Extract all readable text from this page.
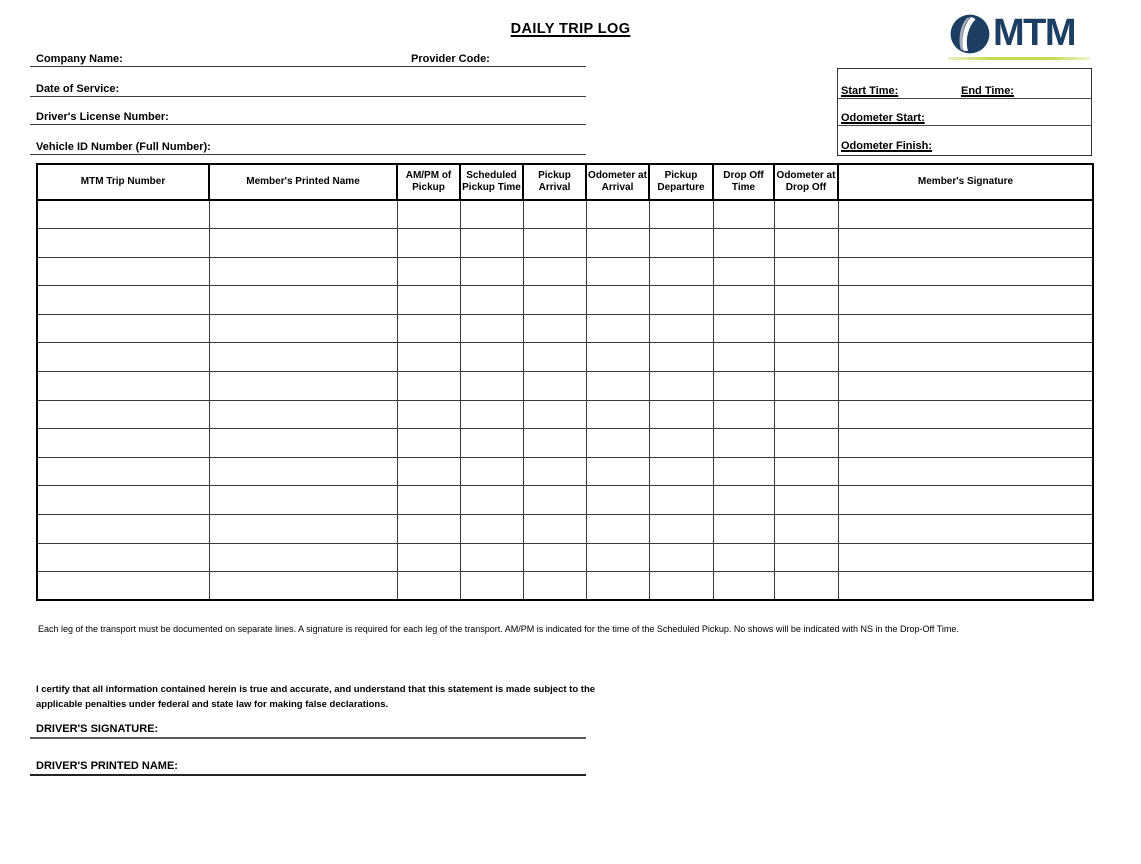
DAILY TRIP LOG	MTM
Company Name:	Provider Code:
Date of Service:
Driver's License Number:
Vehicle ID Number (Full Number):
Start Time:	End Time:
Odometer Start:
Odometer Finish:
MTM Trip Number	Member's Printed Name	AM/PM of Pickup	Scheduled Pickup Time	Pickup Arrival	Odometer at Arrival	Pickup Departure	Drop Off Time	Odometer at Drop Off	Member's Signature

Each leg of the transport must be documented on separate lines. A signature is required for each leg of the transport. AM/PM is indicated for the time of the Scheduled Pickup. No shows will be indicated with NS in the Drop-Off Time.
I certify that all information contained herein is true and accurate, and understand that this statement is made subject to the applicable penalties under federal and state law for making false declarations.
DRIVER'S SIGNATURE:
DRIVER'S PRINTED NAME:
